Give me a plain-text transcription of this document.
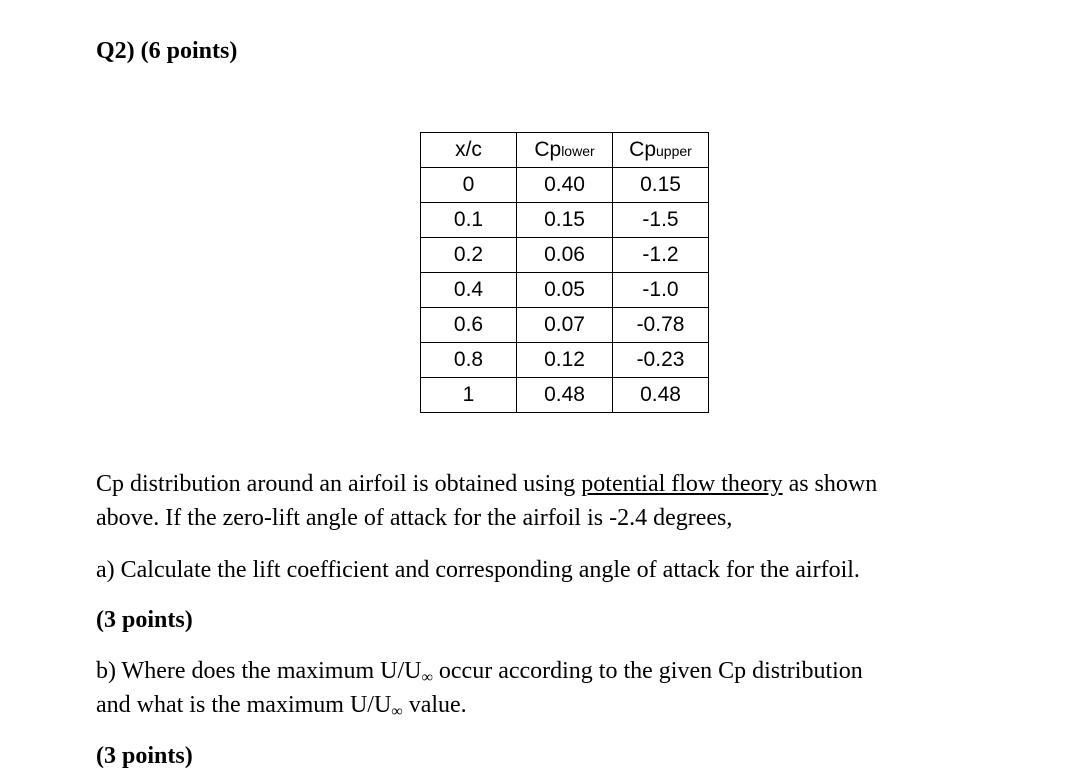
Q2) (6 points)
x/c	Cplower	Cpupper
0	0.40	0.15
0.1	0.15	-1.5
0.2	0.06	-1.2
0.4	0.05	-1.0
0.6	0.07	-0.78
0.8	0.12	-0.23
1	0.48	0.48
Cp distribution around an airfoil is obtained using potential flow theory as shown
above. If the zero-lift angle of attack for the airfoil is -2.4 degrees,
a) Calculate the lift coefficient and corresponding angle of attack for the airfoil.
(3 points)
b) Where does the maximum $U/U_\infty$ occur according to the given Cp distribution
and what is the maximum $U/U_\infty$ value.
(3 points)
